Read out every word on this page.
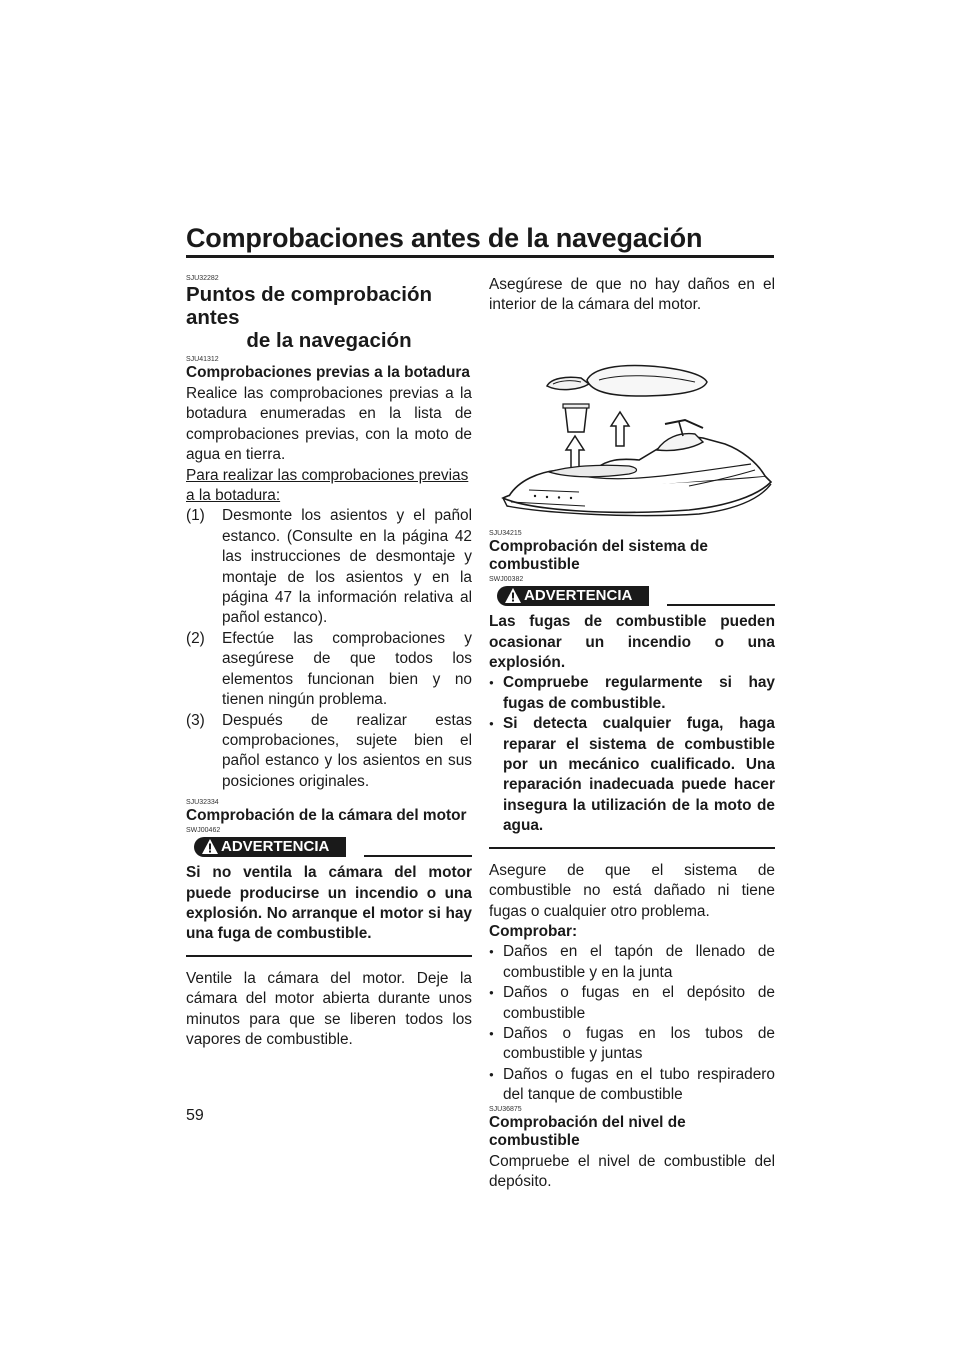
Comprobaciones antes de la navegación
SJU32282
Puntos de comprobación antes
de la navegación
SJU41312
Comprobaciones previas a la botadura

Realice las comprobaciones previas a la botadura enumeradas en la lista de comprobaciones previas, con la moto de agua en tierra.

Para realizar las comprobaciones previas a la botadura:

(1) Desmonte los asientos y el pañol estanco. (Consulte en la página 42 las instrucciones de desmontaje y montaje de los asientos y en la página 47 la información relativa al pañol estanco).
(2) Efectúe las comprobaciones y asegúrese de que todos los elementos funcionan bien y no tienen ningún problema.
(3) Después de realizar estas comprobaciones, sujete bien el pañol estanco y los asientos en sus posiciones originales.
SJU32334
Comprobación de la cámara del motor
SWJ00462
ADVERTENCIA
Si no ventila la cámara del motor puede producirse un incendio o una explosión. No arranque el motor si hay una fuga de combustible.

Ventile la cámara del motor. Deje la cámara del motor abierta durante unos minutos para que se liberen todos los vapores de combustible.

Asegúrese de que no hay daños en el interior de la cámara del motor.

SJU34215
Comprobación del sistema de combustible
SWJ00382
ADVERTENCIA
Las fugas de combustible pueden ocasionar un incendio o una explosión.
● Compruebe regularmente si hay fugas de combustible.
● Si detecta cualquier fuga, haga reparar el sistema de combustible por un mecánico cualificado. Una reparación inadecuada puede hacer insegura la utilización de la moto de agua.

Asegure de que el sistema de combustible no está dañado ni tiene fugas o cualquier otro problema.

Comprobar:
● Daños en el tapón de llenado de combustible y en la junta
● Daños o fugas en el depósito de combustible
● Daños o fugas en los tubos de combustible y juntas
● Daños o fugas en el tubo respiradero del tanque de combustible
SJU36875
Comprobación del nivel de combustible

Compruebe el nivel de combustible del depósito.

59
